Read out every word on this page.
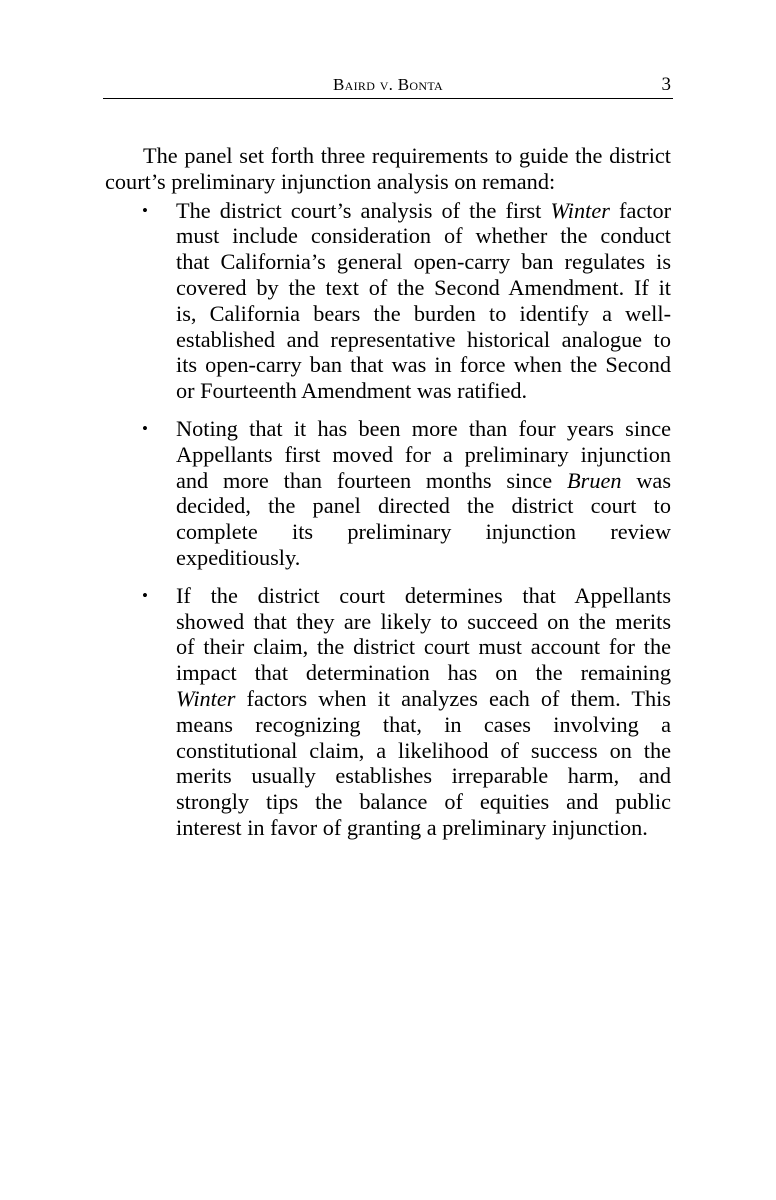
Baird v. Bonta	3

The panel set forth three requirements to guide the district court’s preliminary injunction analysis on remand:

• The district court’s analysis of the first Winter factor
must include consideration of whether the conduct
that California’s general open-carry ban regulates is
covered by the text of the Second Amendment. If it
is, California bears the burden to identify a well-
established and representative historical analogue to
its open-carry ban that was in force when the Second
or Fourteenth Amendment was ratified.
• Noting that it has been more than four years since
Appellants first moved for a preliminary injunction
and more than fourteen months since Bruen was
decided, the panel directed the district court to
complete its preliminary injunction review
expeditiously.
• If the district court determines that Appellants
showed that they are likely to succeed on the merits
of their claim, the district court must account for the
impact that determination has on the remaining
Winter factors when it analyzes each of them. This
means recognizing that, in cases involving a
constitutional claim, a likelihood of success on the
merits usually establishes irreparable harm, and
strongly tips the balance of equities and public
interest in favor of granting a preliminary injunction.
